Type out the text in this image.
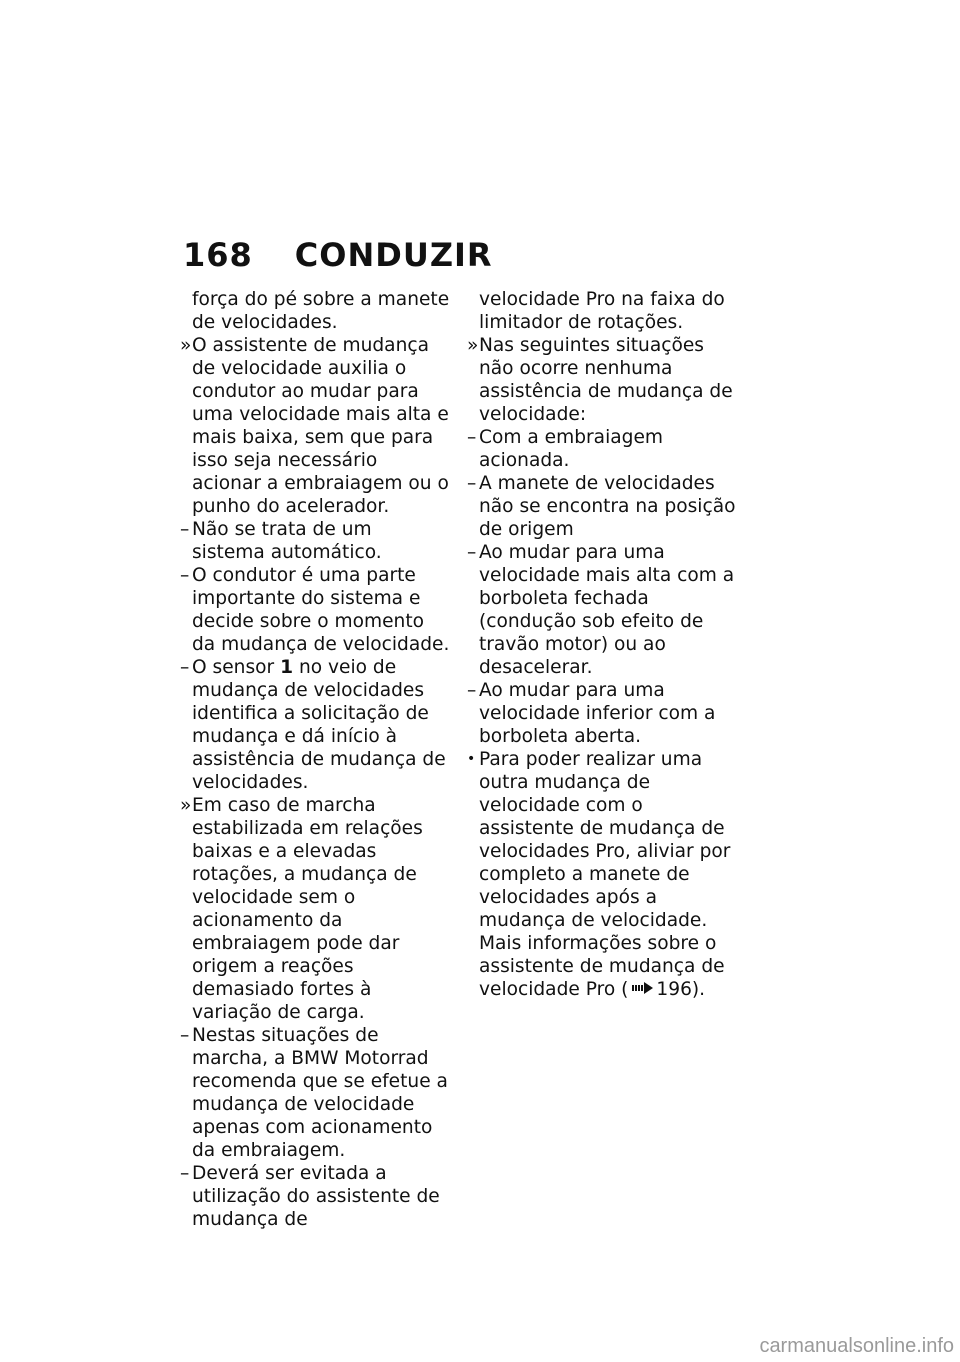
168 CONDUZIR

força do pé sobre a manete de velocidades.

» O assistente de mudança de velocidade auxilia o condutor ao mudar para uma velocidade mais alta e mais baixa, sem que para isso seja necessário acionar a embraiagem ou o punho do acelerador.

– Não se trata de um sistema automático.

– O condutor é uma parte importante do sistema e decide sobre o momento da mudança de velocidade.

– O sensor 1 no veio de mudança de velocidades identifica a solicitação de mudança e dá início à assistência de mudança de velocidades.

» Em caso de marcha estabilizada em relações baixas e a elevadas rotações, a mudança de velocidade sem o acionamento da embraiagem pode dar origem a reações demasiado fortes à variação de carga.

– Nestas situações de marcha, a BMW Motorrad recomenda que se efetue a mudança de velocidade apenas com acionamento da embraiagem.

– Deverá ser evitada a utilização do assistente de mudança de

velocidade Pro na faixa do limitador de rotações.

» Nas seguintes situações não ocorre nenhuma assistência de mudança de velocidade:

– Com a embraiagem acionada.

– A manete de velocidades não se encontra na posição de origem

– Ao mudar para uma velocidade mais alta com a borboleta fechada (condução sob efeito de travão motor) ou ao desacelerar.

– Ao mudar para uma velocidade inferior com a borboleta aberta.

• Para poder realizar uma outra mudança de velocidade com o assistente de mudança de velocidades Pro, aliviar por completo a manete de velocidades após a mudança de velocidade. Mais informações sobre o assistente de mudança de velocidade Pro ( 196).

carmanualsonline.info
